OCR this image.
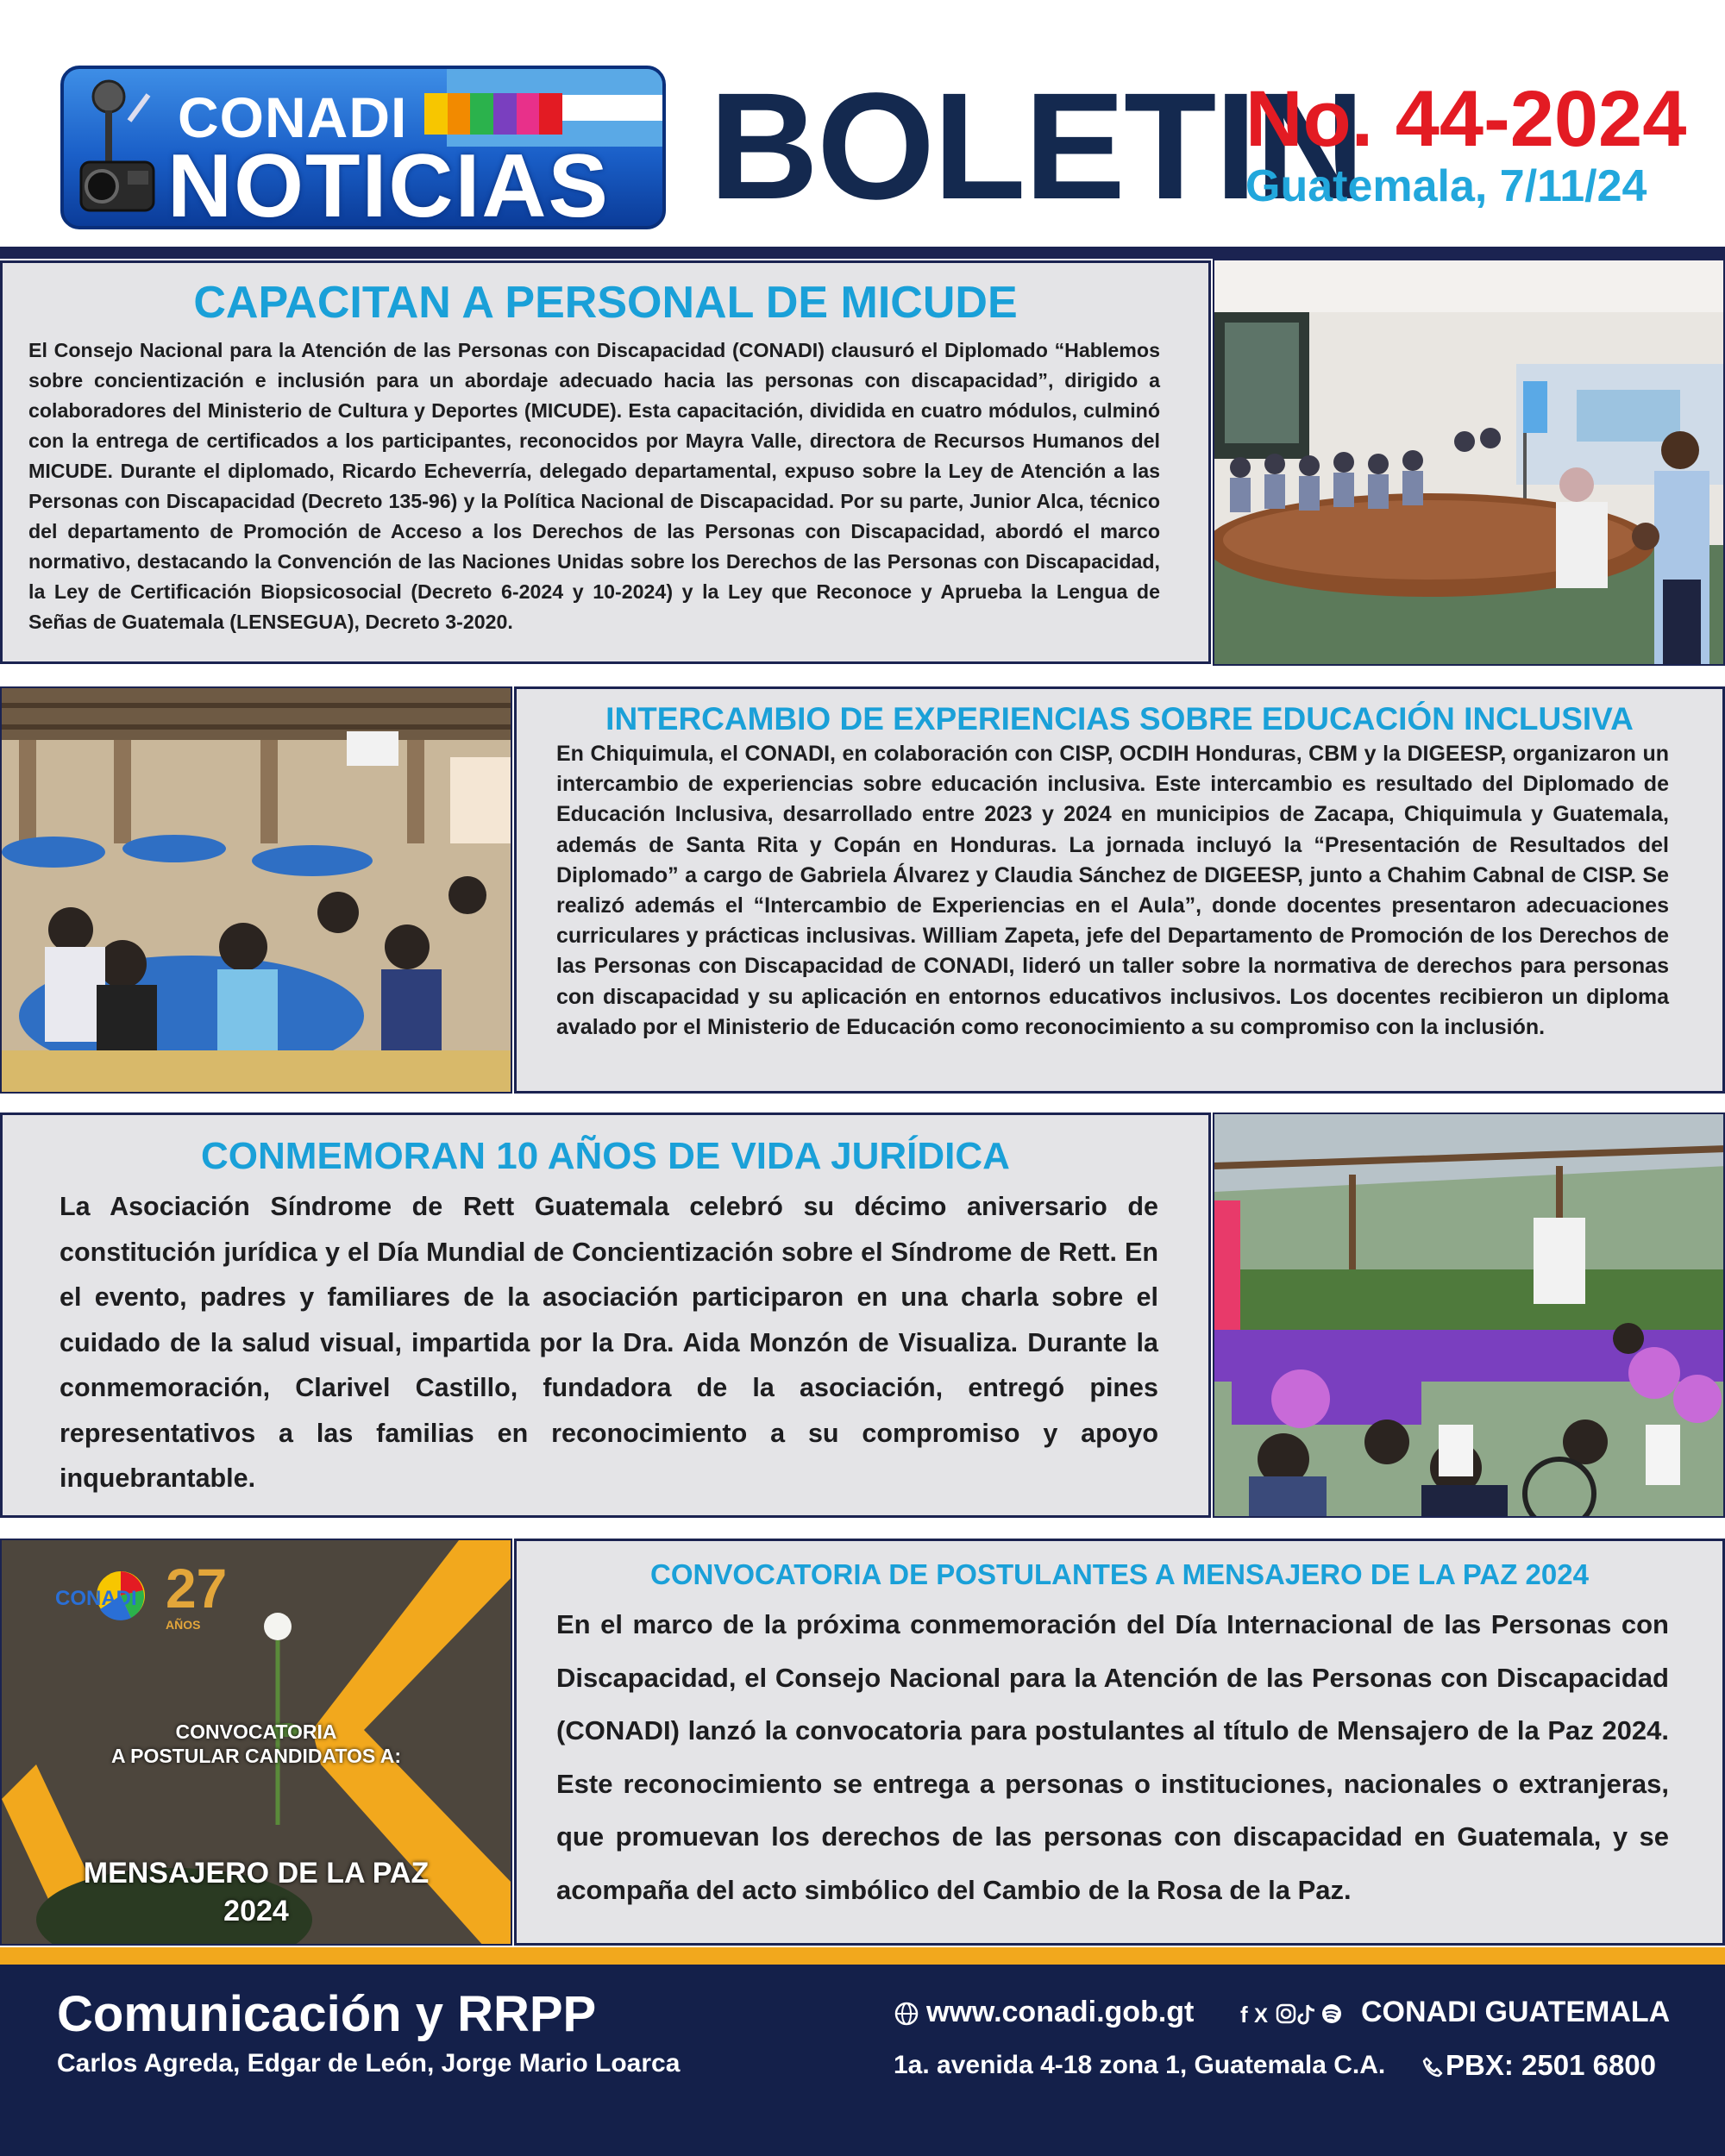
CONADI
NOTICIAS BOLETIN
No. 44-2024
Guatemala, 7/11/24
CAPACITAN A PERSONAL DE MICUDE

El Consejo Nacional para la Atención de las Personas con Discapacidad (CONADI) clausuró el Diplomado “Hablemos sobre concientización e inclusión para un abordaje adecuado hacia las personas con discapacidad”, dirigido a colaboradores del Ministerio de Cultura y Deportes (MICUDE). Esta capacitación, dividida en cuatro módulos, culminó con la entrega de certificados a los participantes, reconocidos por Mayra Valle, directora de Recursos Humanos del MICUDE. Durante el diplomado, Ricardo Echeverría, delegado departamental, expuso sobre la Ley de Atención a las Personas con Discapacidad (Decreto 135-96) y la Política Nacional de Discapacidad. Por su parte, Junior Alca, técnico del departamento de Promoción de Acceso a los Derechos de las Personas con Discapacidad, abordó el marco normativo, destacando la Convención de las Naciones Unidas sobre los Derechos de las Personas con Discapacidad, la Ley de Certificación Biopsicosocial (Decreto 6-2024 y 10-2024) y la Ley que Reconoce y Aprueba la Lengua de Señas de Guatemala (LENSEGUA), Decreto 3-2020.

INTERCAMBIO DE EXPERIENCIAS SOBRE EDUCACIÓN INCLUSIVA

En Chiquimula, el CONADI, en colaboración con CISP, OCDIH Honduras, CBM y la DIGEESP, organizaron un intercambio de experiencias sobre educación inclusiva. Este intercambio es resultado del Diplomado de Educación Inclusiva, desarrollado entre 2023 y 2024 en municipios de Zacapa, Chiquimula y Guatemala, además de Santa Rita y Copán en Honduras. La jornada incluyó la “Presentación de Resultados del Diplomado” a cargo de Gabriela Álvarez y Claudia Sánchez de DIGEESP, junto a Chahim Cabnal de CISP. Se realizó además el “Intercambio de Experiencias en el Aula”, donde docentes presentaron adecuaciones curriculares y prácticas inclusivas. William Zapeta, jefe del Departamento de Promoción de los Derechos de las Personas con Discapacidad de CONADI, lideró un taller sobre la normativa de derechos para personas con discapacidad y su aplicación en entornos educativos inclusivos. Los docentes recibieron un diploma avalado por el Ministerio de Educación como reconocimiento a su compromiso con la inclusión.

CONMEMORAN 10 AÑOS DE VIDA JURÍDICA

La Asociación Síndrome de Rett Guatemala celebró su décimo aniversario de constitución jurídica y el Día Mundial de Concientización sobre el Síndrome de Rett. En el evento, padres y familiares de la asociación participaron en una charla sobre el cuidado de la salud visual, impartida por la Dra. Aida Monzón de Visualiza. Durante la conmemoración, Clarivel Castillo, fundadora de la asociación, entregó pines representativos a las familias en reconocimiento a su compromiso y apoyo inquebrantable.

CONADI 27
AÑOS
CONVOCATORIA
A POSTULAR CANDIDATOS A:
MENSAJERO DE LA PAZ
2024
CONVOCATORIA DE POSTULANTES A MENSAJERO DE LA PAZ 2024

En el marco de la próxima conmemoración del Día Internacional de las Personas con Discapacidad, el Consejo Nacional para la Atención de las Personas con Discapacidad (CONADI) lanzó la convocatoria para postulantes al título de Mensajero de la Paz 2024. Este reconocimiento se entrega a personas o instituciones, nacionales o extranjeras, que promuevan los derechos de las personas con discapacidad en Guatemala, y se acompaña del acto simbólico del Cambio de la Rosa de la Paz.

Comunicación y RRPP
Carlos Agreda, Edgar de León, Jorge Mario Loarca
www.conadi.gob.gt f X	CONADI GUATEMALA
1a. avenida 4-18 zona 1, Guatemala C.A.	PBX: 2501 6800
